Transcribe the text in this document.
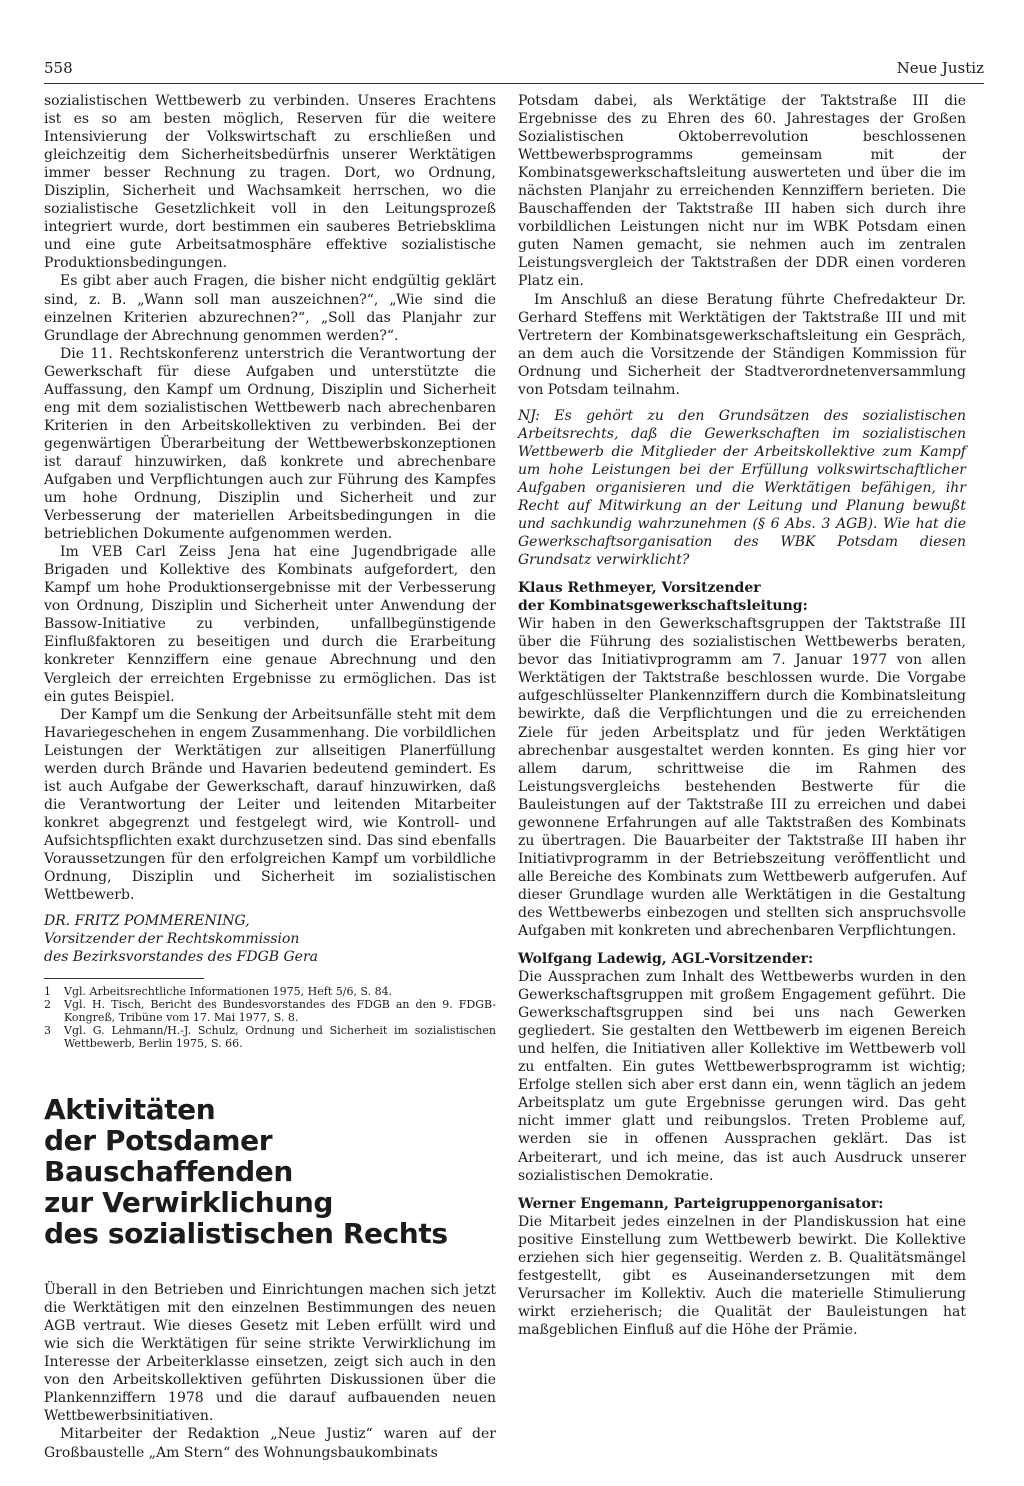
558	Neue Justiz

sozialistischen Wettbewerb zu verbinden. Unseres Erachtens ist es so am besten möglich, Reserven für die weitere Intensivierung der Volkswirtschaft zu erschließen und gleichzeitig dem Sicherheitsbedürfnis unserer Werktätigen immer besser Rechnung zu tragen. Dort, wo Ordnung, Disziplin, Sicherheit und Wachsamkeit herrschen, wo die sozialistische Gesetzlichkeit voll in den Leitungsprozeß integriert wurde, dort bestimmen ein sauberes Betriebsklima und eine gute Arbeitsatmosphäre effektive sozialistische Produktionsbedingungen.

Es gibt aber auch Fragen, die bisher nicht endgültig geklärt sind, z. B. „Wann soll man auszeichnen?“, „Wie sind die einzelnen Kriterien abzurechnen?“, „Soll das Planjahr zur Grundlage der Abrechnung genommen werden?“.

Die 11. Rechtskonferenz unterstrich die Verantwortung der Gewerkschaft für diese Aufgaben und unterstützte die Auffassung, den Kampf um Ordnung, Disziplin und Sicherheit eng mit dem sozialistischen Wettbewerb nach abrechenbaren Kriterien in den Arbeitskollektiven zu verbinden. Bei der gegenwärtigen Überarbeitung der Wettbewerbskonzeptionen ist darauf hinzuwirken, daß konkrete und abrechenbare Aufgaben und Verpflichtungen auch zur Führung des Kampfes um hohe Ordnung, Disziplin und Sicherheit und zur Verbesserung der materiellen Arbeitsbedingungen in die betrieblichen Dokumente aufgenommen werden.

Im VEB Carl Zeiss Jena hat eine Jugendbrigade alle Brigaden und Kollektive des Kombinats aufgefordert, den Kampf um hohe Produktionsergebnisse mit der Verbesserung von Ordnung, Disziplin und Sicherheit unter Anwendung der Bassow-Initiative zu verbinden, unfallbegünstigende Einflußfaktoren zu beseitigen und durch die Erarbeitung konkreter Kennziffern eine genaue Abrechnung und den Vergleich der erreichten Ergebnisse zu ermöglichen. Das ist ein gutes Beispiel.

Der Kampf um die Senkung der Arbeitsunfälle steht mit dem Havariegeschehen in engem Zusammenhang. Die vorbildlichen Leistungen der Werktätigen zur allseitigen Planerfüllung werden durch Brände und Havarien bedeutend gemindert. Es ist auch Aufgabe der Gewerkschaft, darauf hinzuwirken, daß die Verantwortung der Leiter und leitenden Mitarbeiter konkret abgegrenzt und festgelegt wird, wie Kontroll- und Aufsichtspflichten exakt durchzusetzen sind. Das sind ebenfalls Voraussetzungen für den erfolgreichen Kampf um vorbildliche Ordnung, Disziplin und Sicherheit im sozialistischen Wettbewerb.

DR. FRITZ POMMERENING,
Vorsitzender der Rechtskommission
des Bezirksvorstandes des FDGB Gera
1	Vgl. Arbeitsrechtliche Informationen 1975, Heft 5/6, S. 84.
2	Vgl. H. Tisch, Bericht des Bundesvorstandes des FDGB an den 9. FDGB-Kongreß, Tribüne vom 17. Mai 1977, S. 8.
3	Vgl. G. Lehmann/H.-J. Schulz, Ordnung und Sicherheit im sozialistischen Wettbewerb, Berlin 1975, S. 66.
Aktivitäten
der Potsdamer Bauschaffenden
zur Verwirklichung
des sozialistischen Rechts

Überall in den Betrieben und Einrichtungen machen sich jetzt die Werktätigen mit den einzelnen Bestimmungen des neuen AGB vertraut. Wie dieses Gesetz mit Leben erfüllt wird und wie sich die Werktätigen für seine strikte Verwirklichung im Interesse der Arbeiterklasse einsetzen, zeigt sich auch in den von den Arbeitskollektiven geführten Diskussionen über die Plankennziffern 1978 und die darauf aufbauenden neuen Wettbewerbsinitiativen.

Mitarbeiter der Redaktion „Neue Justiz“ waren auf der Großbaustelle „Am Stern“ des Wohnungsbaukombinats

Potsdam dabei, als Werktätige der Taktstraße III die Ergebnisse des zu Ehren des 60. Jahrestages der Großen Sozialistischen Oktoberrevolution beschlossenen Wettbewerbsprogramms gemeinsam mit der Kombinatsgewerkschaftsleitung auswerteten und über die im nächsten Planjahr zu erreichenden Kennziffern berieten. Die Bauschaffenden der Taktstraße III haben sich durch ihre vorbildlichen Leistungen nicht nur im WBK Potsdam einen guten Namen gemacht, sie nehmen auch im zentralen Leistungsvergleich der Taktstraßen der DDR einen vorderen Platz ein.

Im Anschluß an diese Beratung führte Chefredakteur Dr. Gerhard Steffens mit Werktätigen der Taktstraße III und mit Vertretern der Kombinatsgewerkschaftsleitung ein Gespräch, an dem auch die Vorsitzende der Ständigen Kommission für Ordnung und Sicherheit der Stadtverordnetenversammlung von Potsdam teilnahm.

NJ: Es gehört zu den Grundsätzen des sozialistischen Arbeitsrechts, daß die Gewerkschaften im sozialistischen Wettbewerb die Mitglieder der Arbeitskollektive zum Kampf um hohe Leistungen bei der Erfüllung volkswirtschaftlicher Aufgaben organisieren und die Werktätigen befähigen, ihr Recht auf Mitwirkung an der Leitung und Planung bewußt und sachkundig wahrzunehmen (§ 6 Abs. 3 AGB). Wie hat die Gewerkschaftsorganisation des WBK Potsdam diesen Grundsatz verwirklicht?

Klaus Rethmeyer, Vorsitzender
der Kombinatsgewerkschaftsleitung:

Wir haben in den Gewerkschaftsgruppen der Taktstraße III über die Führung des sozialistischen Wettbewerbs beraten, bevor das Initiativprogramm am 7. Januar 1977 von allen Werktätigen der Taktstraße beschlossen wurde. Die Vorgabe aufgeschlüsselter Plankennziffern durch die Kombinatsleitung bewirkte, daß die Verpflichtungen und die zu erreichenden Ziele für jeden Arbeitsplatz und für jeden Werktätigen abrechenbar ausgestaltet werden konnten. Es ging hier vor allem darum, schrittweise die im Rahmen des Leistungsvergleichs bestehenden Bestwerte für die Bauleistungen auf der Taktstraße III zu erreichen und dabei gewonnene Erfahrungen auf alle Taktstraßen des Kombinats zu übertragen. Die Bauarbeiter der Taktstraße III haben ihr Initiativprogramm in der Betriebszeitung veröffentlicht und alle Bereiche des Kombinats zum Wettbewerb aufgerufen. Auf dieser Grundlage wurden alle Werktätigen in die Gestaltung des Wettbewerbs einbezogen und stellten sich anspruchsvolle Aufgaben mit konkreten und abrechenbaren Verpflichtungen.

Wolfgang Ladewig, AGL-Vorsitzender:

Die Aussprachen zum Inhalt des Wettbewerbs wurden in den Gewerkschaftsgruppen mit großem Engagement geführt. Die Gewerkschaftsgruppen sind bei uns nach Gewerken gegliedert. Sie gestalten den Wettbewerb im eigenen Bereich und helfen, die Initiativen aller Kollektive im Wettbewerb voll zu entfalten. Ein gutes Wettbewerbsprogramm ist wichtig; Erfolge stellen sich aber erst dann ein, wenn täglich an jedem Arbeitsplatz um gute Ergebnisse gerungen wird. Das geht nicht immer glatt und reibungslos. Treten Probleme auf, werden sie in offenen Aussprachen geklärt. Das ist Arbeiterart, und ich meine, das ist auch Ausdruck unserer sozialistischen Demokratie.

Werner Engemann, Parteigruppenorganisator:

Die Mitarbeit jedes einzelnen in der Plandiskussion hat eine positive Einstellung zum Wettbewerb bewirkt. Die Kollektive erziehen sich hier gegenseitig. Werden z. B. Qualitätsmängel festgestellt, gibt es Auseinandersetzungen mit dem Verursacher im Kollektiv. Auch die materielle Stimulierung wirkt erzieherisch; die Qualität der Bauleistungen hat maßgeblichen Einfluß auf die Höhe der Prämie.
